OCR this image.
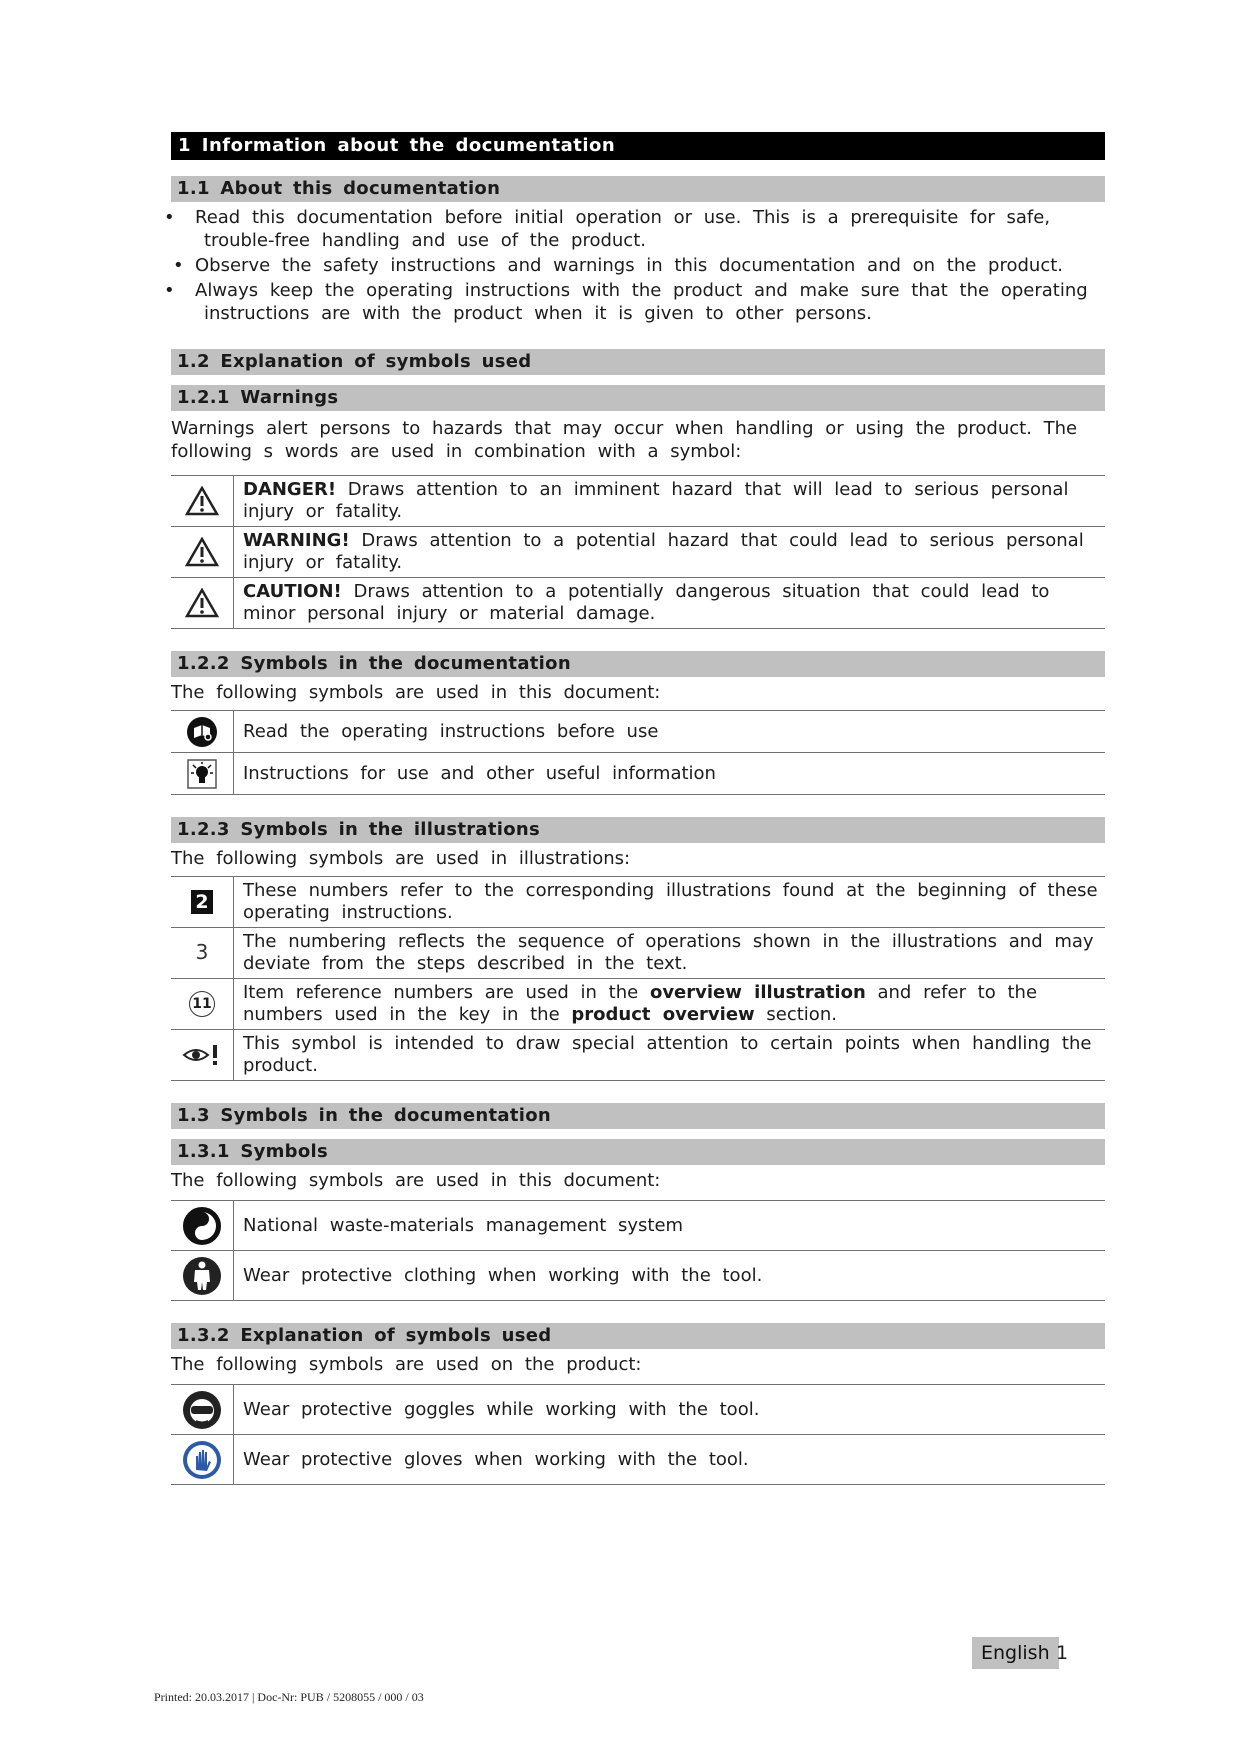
1 Information about the documentation
1.1 About this documentation
• Read this documentation before initial operation or use. This is a prerequisite for safe, trouble-free handling and use of the product.
• Observe the safety instructions and warnings in this documentation and on the product.
• Always keep the operating instructions with the product and make sure that the operating instructions are with the product when it is given to other persons.
1.2 Explanation of symbols used
1.2.1 Warnings
Warnings alert persons to hazards that may occur when handling or using the product. The following s words are used in combination with a symbol:
	DANGER! Draws attention to an imminent hazard that will lead to serious personal injury or fatality.

	WARNING! Draws attention to a potential hazard that could lead to serious personal injury or fatality.

	CAUTION! Draws attention to a potentially dangerous situation that could lead to minor personal injury or material damage.
1.2.2 Symbols in the documentation
The following symbols are used in this document:
	Read the operating instructions before use

	Instructions for use and other useful information
1.2.3 Symbols in the illustrations
The following symbols are used in illustrations:
2	These numbers refer to the corresponding illustrations found at the beginning of these operating instructions.
3	The numbering reflects the sequence of operations shown in the illustrations and may deviate from the steps described in the text.
11	Item reference numbers are used in the overview illustration and refer to the numbers used in the key in the product overview section.

	This symbol is intended to draw special attention to certain points when handling the product.
1.3 Symbols in the documentation
1.3.1 Symbols
The following symbols are used in this document:
	National waste-materials management system

	Wear protective clothing when working with the tool.
1.3.2 Explanation of symbols used
The following symbols are used on the product:
	Wear protective goggles while working with the tool.

	Wear protective gloves when working with the tool.
English 1
Printed: 20.03.2017 | Doc-Nr: PUB / 5208055 / 000 / 03
